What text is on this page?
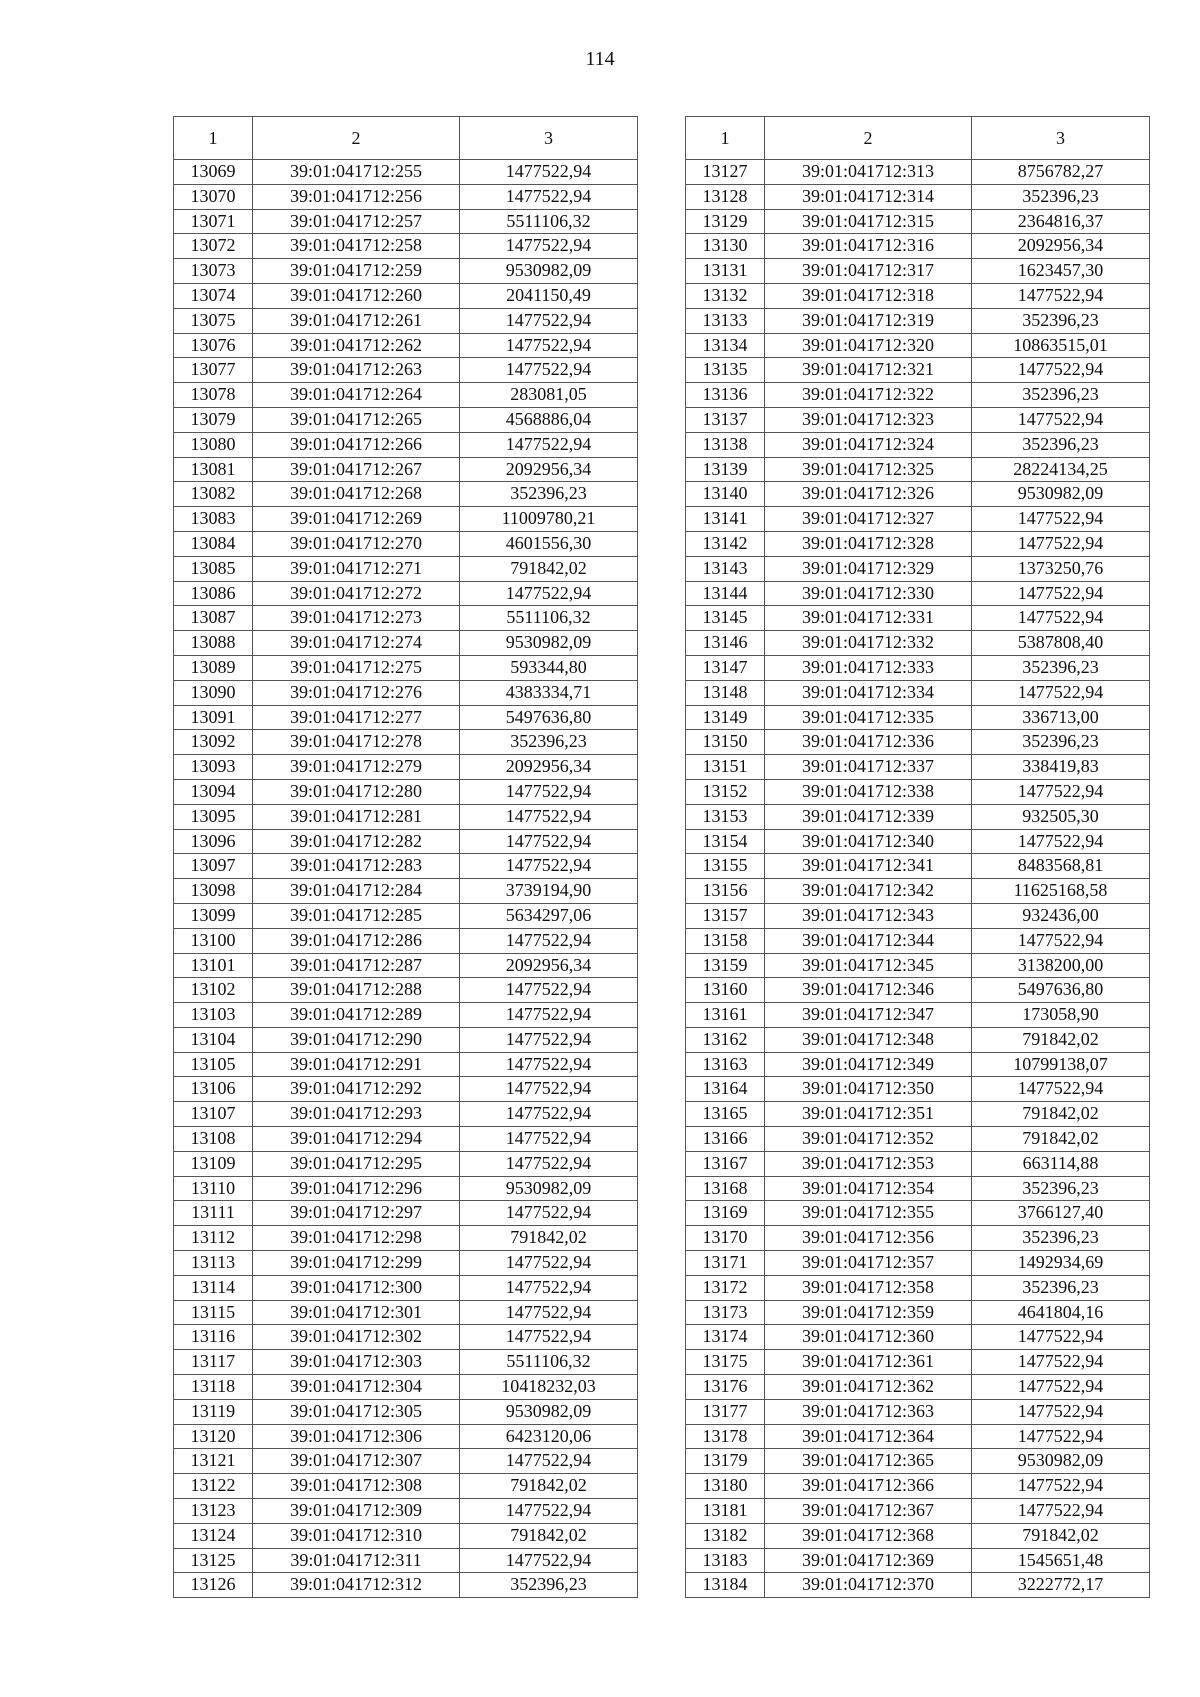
114
1	2	3
13069	39:01:041712:255	1477522,94
13070	39:01:041712:256	1477522,94
13071	39:01:041712:257	5511106,32
13072	39:01:041712:258	1477522,94
13073	39:01:041712:259	9530982,09
13074	39:01:041712:260	2041150,49
13075	39:01:041712:261	1477522,94
13076	39:01:041712:262	1477522,94
13077	39:01:041712:263	1477522,94
13078	39:01:041712:264	283081,05
13079	39:01:041712:265	4568886,04
13080	39:01:041712:266	1477522,94
13081	39:01:041712:267	2092956,34
13082	39:01:041712:268	352396,23
13083	39:01:041712:269	11009780,21
13084	39:01:041712:270	4601556,30
13085	39:01:041712:271	791842,02
13086	39:01:041712:272	1477522,94
13087	39:01:041712:273	5511106,32
13088	39:01:041712:274	9530982,09
13089	39:01:041712:275	593344,80
13090	39:01:041712:276	4383334,71
13091	39:01:041712:277	5497636,80
13092	39:01:041712:278	352396,23
13093	39:01:041712:279	2092956,34
13094	39:01:041712:280	1477522,94
13095	39:01:041712:281	1477522,94
13096	39:01:041712:282	1477522,94
13097	39:01:041712:283	1477522,94
13098	39:01:041712:284	3739194,90
13099	39:01:041712:285	5634297,06
13100	39:01:041712:286	1477522,94
13101	39:01:041712:287	2092956,34
13102	39:01:041712:288	1477522,94
13103	39:01:041712:289	1477522,94
13104	39:01:041712:290	1477522,94
13105	39:01:041712:291	1477522,94
13106	39:01:041712:292	1477522,94
13107	39:01:041712:293	1477522,94
13108	39:01:041712:294	1477522,94
13109	39:01:041712:295	1477522,94
13110	39:01:041712:296	9530982,09
13111	39:01:041712:297	1477522,94
13112	39:01:041712:298	791842,02
13113	39:01:041712:299	1477522,94
13114	39:01:041712:300	1477522,94
13115	39:01:041712:301	1477522,94
13116	39:01:041712:302	1477522,94
13117	39:01:041712:303	5511106,32
13118	39:01:041712:304	10418232,03
13119	39:01:041712:305	9530982,09
13120	39:01:041712:306	6423120,06
13121	39:01:041712:307	1477522,94
13122	39:01:041712:308	791842,02
13123	39:01:041712:309	1477522,94
13124	39:01:041712:310	791842,02
13125	39:01:041712:311	1477522,94
13126	39:01:041712:312	352396,23
1	2	3
13127	39:01:041712:313	8756782,27
13128	39:01:041712:314	352396,23
13129	39:01:041712:315	2364816,37
13130	39:01:041712:316	2092956,34
13131	39:01:041712:317	1623457,30
13132	39:01:041712:318	1477522,94
13133	39:01:041712:319	352396,23
13134	39:01:041712:320	10863515,01
13135	39:01:041712:321	1477522,94
13136	39:01:041712:322	352396,23
13137	39:01:041712:323	1477522,94
13138	39:01:041712:324	352396,23
13139	39:01:041712:325	28224134,25
13140	39:01:041712:326	9530982,09
13141	39:01:041712:327	1477522,94
13142	39:01:041712:328	1477522,94
13143	39:01:041712:329	1373250,76
13144	39:01:041712:330	1477522,94
13145	39:01:041712:331	1477522,94
13146	39:01:041712:332	5387808,40
13147	39:01:041712:333	352396,23
13148	39:01:041712:334	1477522,94
13149	39:01:041712:335	336713,00
13150	39:01:041712:336	352396,23
13151	39:01:041712:337	338419,83
13152	39:01:041712:338	1477522,94
13153	39:01:041712:339	932505,30
13154	39:01:041712:340	1477522,94
13155	39:01:041712:341	8483568,81
13156	39:01:041712:342	11625168,58
13157	39:01:041712:343	932436,00
13158	39:01:041712:344	1477522,94
13159	39:01:041712:345	3138200,00
13160	39:01:041712:346	5497636,80
13161	39:01:041712:347	173058,90
13162	39:01:041712:348	791842,02
13163	39:01:041712:349	10799138,07
13164	39:01:041712:350	1477522,94
13165	39:01:041712:351	791842,02
13166	39:01:041712:352	791842,02
13167	39:01:041712:353	663114,88
13168	39:01:041712:354	352396,23
13169	39:01:041712:355	3766127,40
13170	39:01:041712:356	352396,23
13171	39:01:041712:357	1492934,69
13172	39:01:041712:358	352396,23
13173	39:01:041712:359	4641804,16
13174	39:01:041712:360	1477522,94
13175	39:01:041712:361	1477522,94
13176	39:01:041712:362	1477522,94
13177	39:01:041712:363	1477522,94
13178	39:01:041712:364	1477522,94
13179	39:01:041712:365	9530982,09
13180	39:01:041712:366	1477522,94
13181	39:01:041712:367	1477522,94
13182	39:01:041712:368	791842,02
13183	39:01:041712:369	1545651,48
13184	39:01:041712:370	3222772,17
